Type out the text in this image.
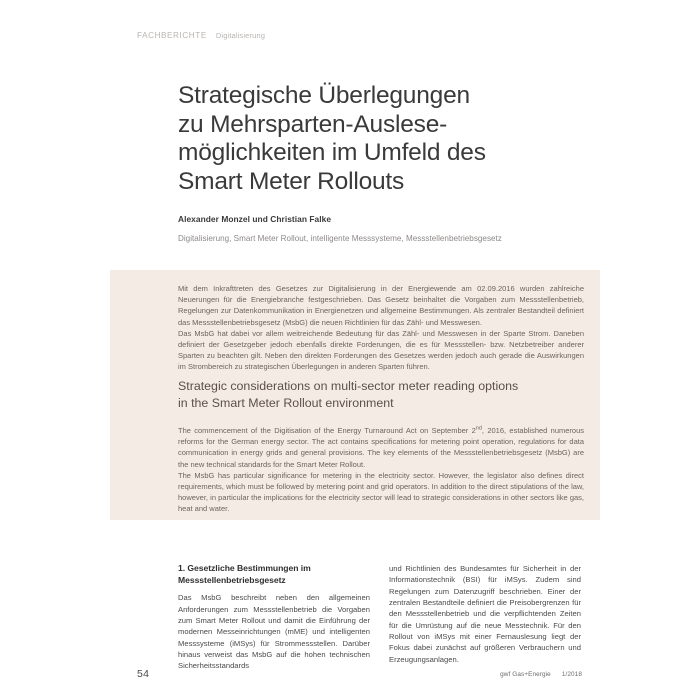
FACHBERICHTE Digitalisierung
Strategische Überlegungen
zu Mehrsparten-Auslese-
möglichkeiten im Umfeld des
Smart Meter Rollouts
Alexander Monzel und Christian Falke
Digitalisierung, Smart Meter Rollout, intelligente Messsysteme, Messstellenbetriebsgesetz

Mit dem Inkrafttreten des Gesetzes zur Digitalisierung in der Energiewende am 02.09.2016 wurden zahlreiche Neuerungen für die Energiebranche festgeschrieben. Das Gesetz beinhaltet die Vorgaben zum Messstellenbetrieb, Regelungen zur Datenkommunikation in Energienetzen und allgemeine Bestimmungen. Als zentraler Bestandteil definiert das Messstellenbetriebsgesetz (MsbG) die neuen Richtlinien für das Zähl- und Messwesen.

Das MsbG hat dabei vor allem weitreichende Bedeutung für das Zähl- und Messwesen in der Sparte Strom. Daneben definiert der Gesetzgeber jedoch ebenfalls direkte Forderungen, die es für Messstellen- bzw. Netzbetreiber anderer Sparten zu beachten gilt. Neben den direkten Forderungen des Gesetzes werden jedoch auch gerade die Auswirkungen im Strombereich zu strategischen Überlegungen in anderen Sparten führen.

Strategic considerations on multi-sector meter reading options
in the Smart Meter Rollout environment

The commencement of the Digitisation of the Energy Turnaround Act on September 2nd, 2016, established numerous reforms for the German energy sector. The act contains specifications for metering point operation, regulations for data communication in energy grids and general provisions. The key elements of the Messstellenbetriebsgesetz (MsbG) are the new technical standards for the Smart Meter Rollout.

The MsbG has particular significance for metering in the electricity sector. However, the legislator also defines direct requirements, which must be followed by metering point and grid operators. In addition to the direct stipulations of the law, however, in particular the implications for the electricity sector will lead to strategic considerations in other sectors like gas, heat and water.

1. Gesetzliche Bestimmungen im Messstellenbetriebsgesetz

Das MsbG beschreibt neben den allgemeinen Anforderungen zum Messstellenbetrieb die Vorgaben zum Smart Meter Rollout und damit die Einführung der modernen Messeinrichtungen (mME) und intelligenten Messsysteme (iMSys) für Strommessstellen. Darüber hinaus verweist das MsbG auf die hohen technischen Sicherheitsstandards

und Richtlinien des Bundesamtes für Sicherheit in der Informationstechnik (BSI) für iMSys. Zudem sind Regelungen zum Datenzugriff beschrieben. Einer der zentralen Bestandteile definiert die Preisobergrenzen für den Messstellenbetrieb und die verpflichtenden Zeiten für die Umrüstung auf die neue Messtechnik. Für den Rollout von iMSys mit einer Fernauslesung liegt der Fokus dabei zunächst auf größeren Verbrauchern und Erzeugungsanlagen.

54	gwf Gas+Energie 1/2018
